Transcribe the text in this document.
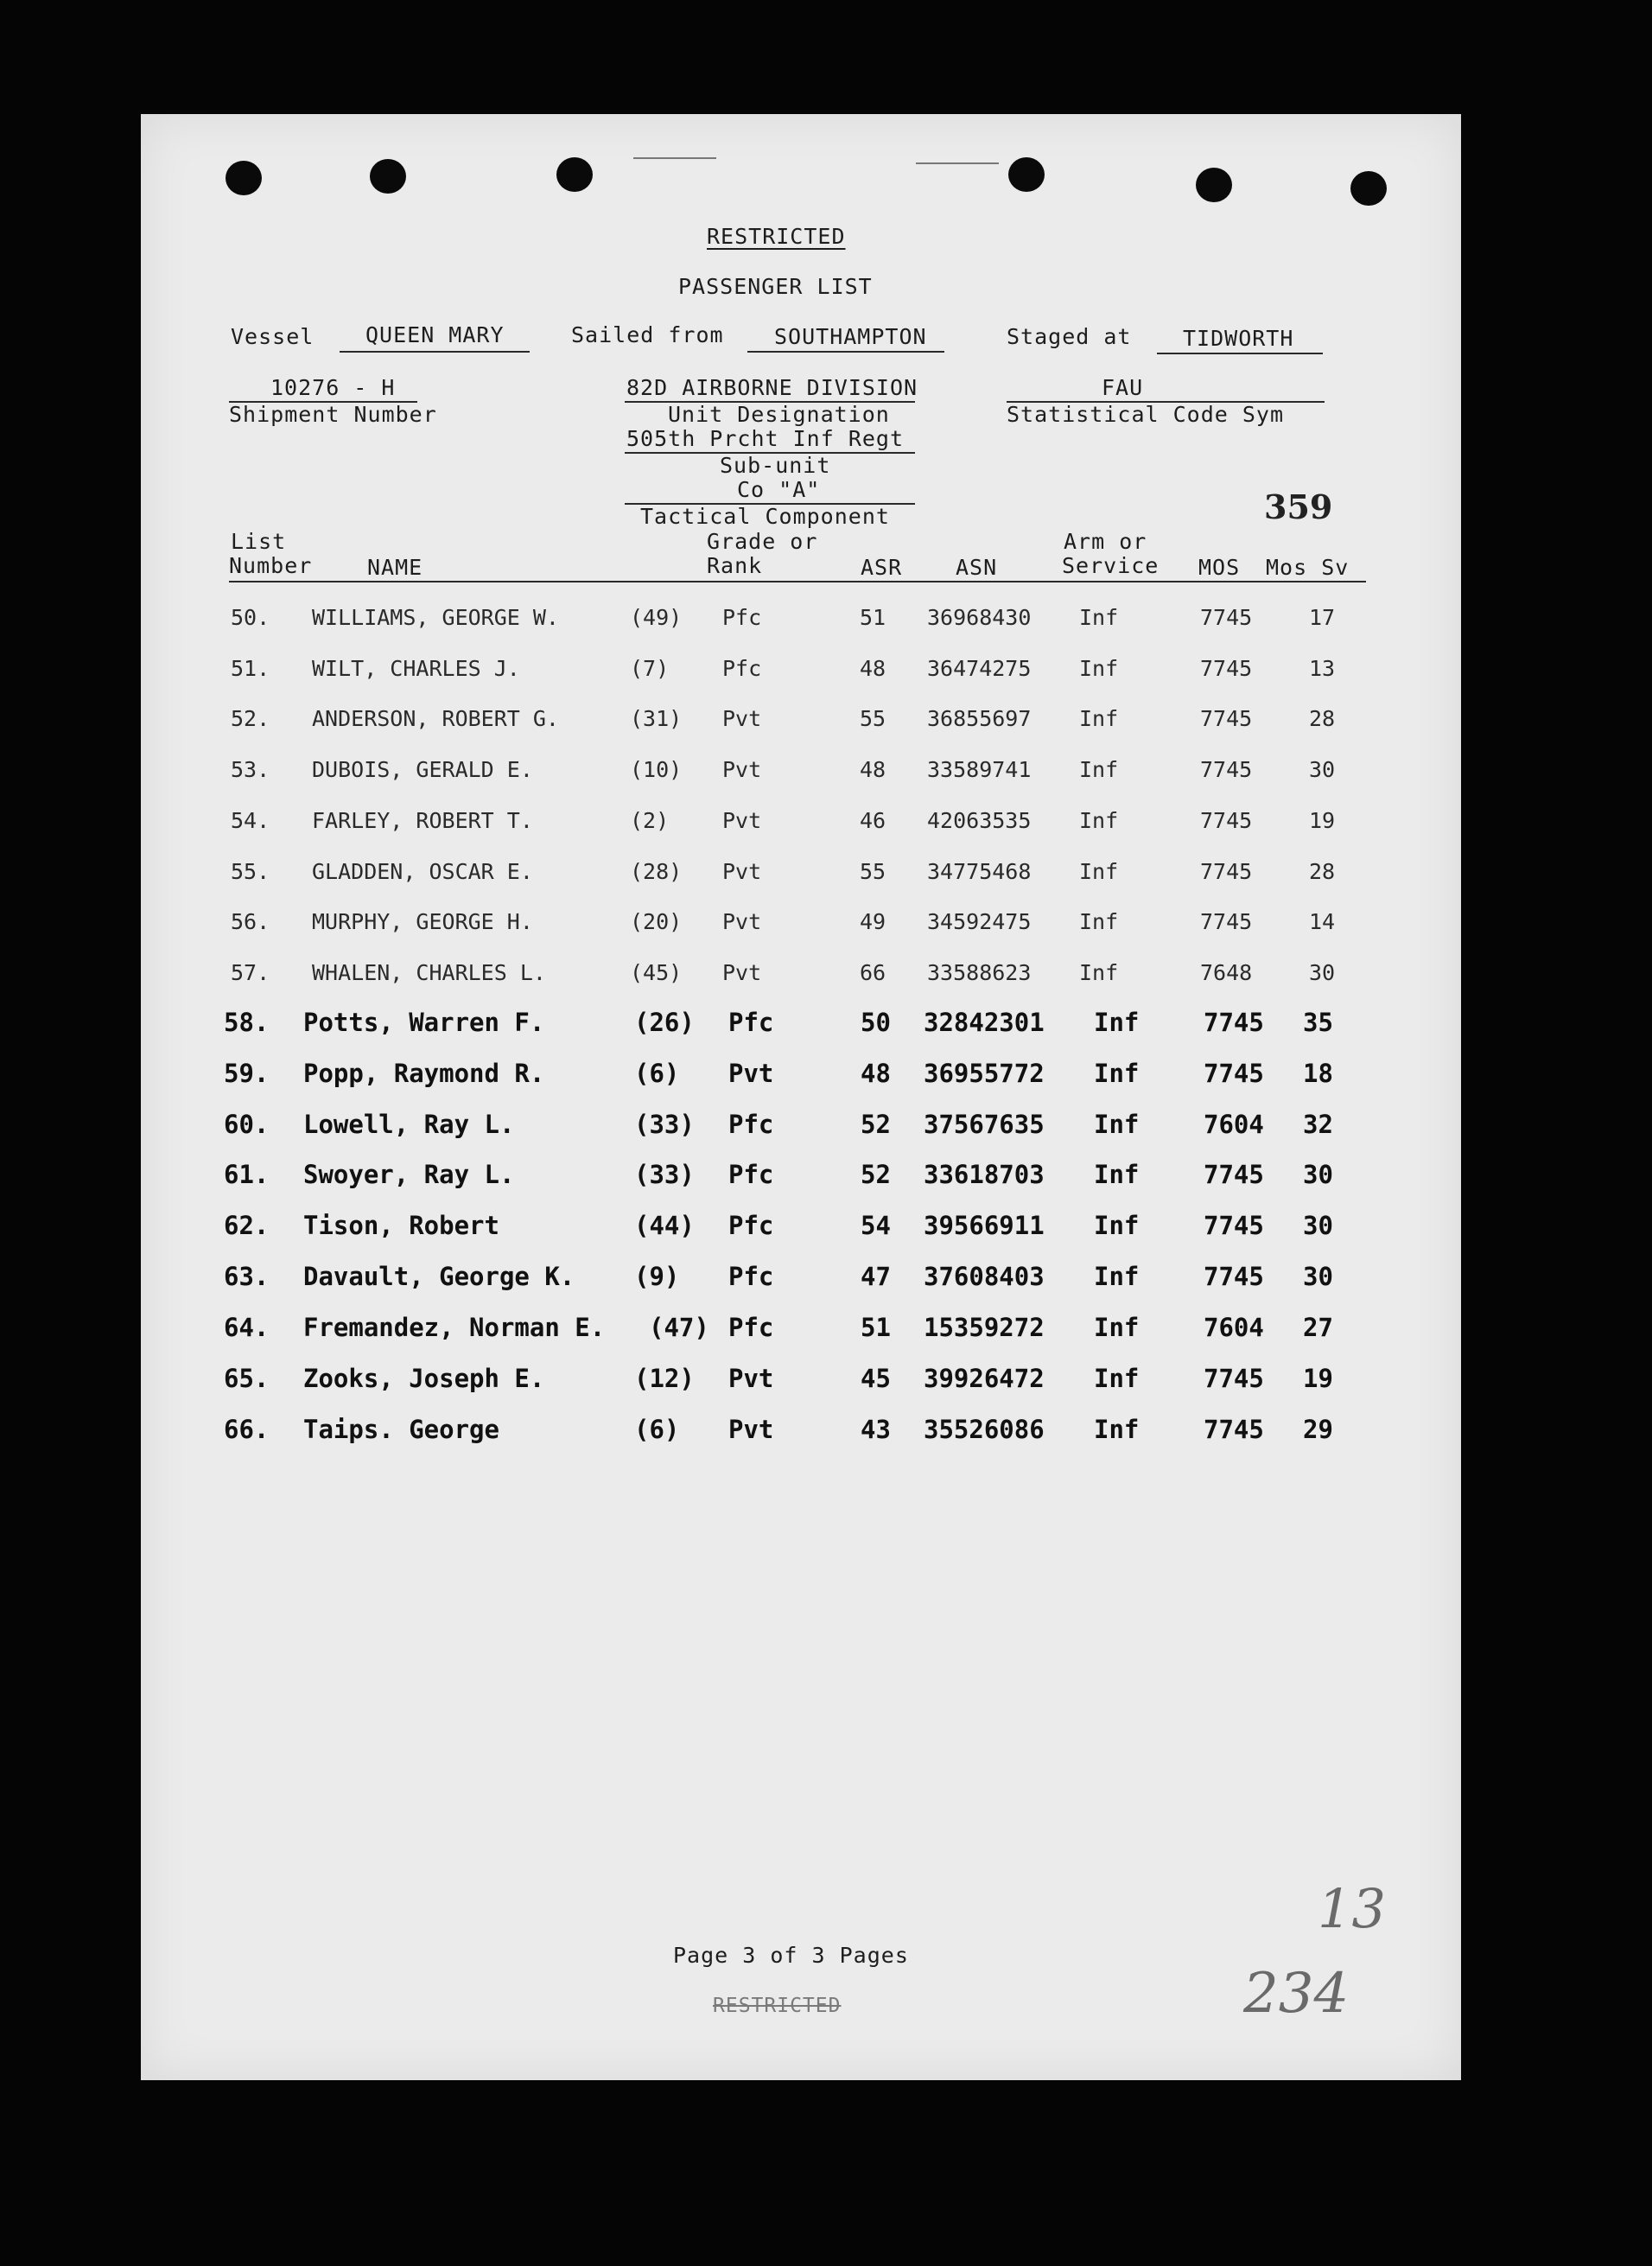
RESTRICTED
PASSENGER LIST
Vessel QUEEN MARY	Sailed from SOUTHAMPTON	Staged at TIDWORTH
10276 - H
Shipment Number
82D AIRBORNE DIVISION
Unit Designation
505th Prcht Inf Regt
Sub-unit
Co "A"
Tactical Component
FAU
Statistical Code Sym
359
List
Number	NAME
Grade or
Rank	ASR ASN
Arm or
Service MOS Mos Sv
50. WILLIAMS, GEORGE W.	(49) Pfc	51 36968430 Inf	7745	17
51. WILT, CHARLES J.	(7) Pfc	48 36474275 Inf	7745	13
52. ANDERSON, ROBERT G.	(31) Pvt	55 36855697 Inf	7745	28
53. DUBOIS, GERALD E.	(10) Pvt	48 33589741 Inf	7745	30
54. FARLEY, ROBERT T.	(2) Pvt	46 42063535 Inf	7745	19
55. GLADDEN, OSCAR E.	(28) Pvt	55 34775468 Inf	7745	28
56. MURPHY, GEORGE H.	(20) Pvt	49 34592475 Inf	7745	14
57. WHALEN, CHARLES L.	(45) Pvt	66 33588623 Inf	7648	30
58. Potts, Warren F.	(26) Pfc	50 32842301 Inf	7745 35
59. Popp, Raymond R.	(6) Pvt	48 36955772 Inf	7745 18
60. Lowell, Ray L.	(33) Pfc	52 37567635 Inf	7604 32
61. Swoyer, Ray L.	(33) Pfc	52 33618703 Inf	7745 30
62. Tison, Robert	(44) Pfc	54 39566911 Inf	7745 30
63. Davault, George K. (9) Pfc	47 37608403 Inf	7745 30
64. Fremandez, Norman E. (47) Pfc	51 15359272 Inf	7604 27
65. Zooks, Joseph E.	(12) Pvt	45 39926472 Inf	7745 19
66. Taips. George	(6) Pvt	43 35526086 Inf	7745 29
Page 3 of 3 Pages
RESTRICTED
13
234
